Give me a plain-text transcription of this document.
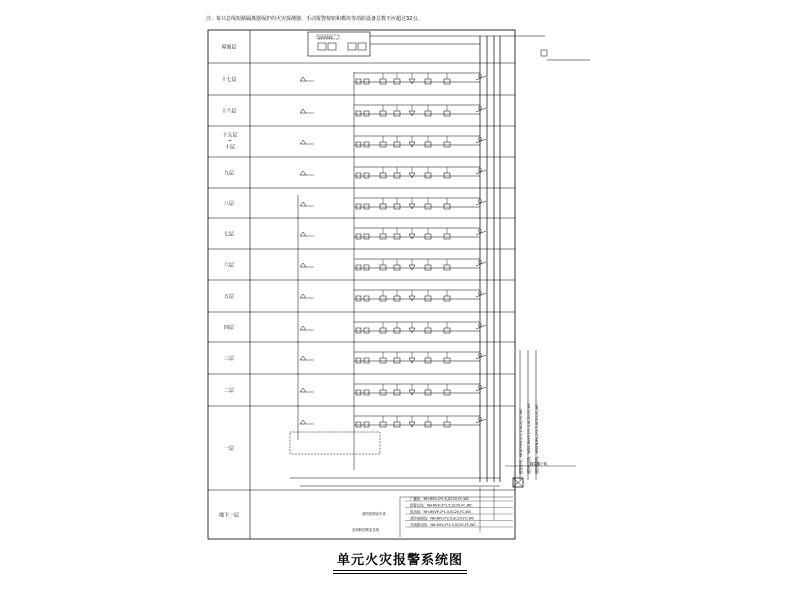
注：每只总线短路隔离器保护的火灾探测器、手动报警按钮和模块等消防设备总数不应超过32点。
屋面层
十七层
十六层
十五层
~
十层
九层
八层
七层
六层
五层
四层
三层
二层
一层
地下一层
消防控制室
报警总线、WDZ-RVS-2*1.5,SC20,FC,WC 消防电话线、WDZ-RVVP-2*1.0,SC20,FC,WC 消防电源线、WDZN-BYJ-2*2.5,SC20,FC,WC
楼层端子箱
广播线：NH-RVV-2*1.5,SC20,FC,WC
报警总线：NH-RVS-2*1.5,SC20,FC,WC
电话线：NH-RVVP-2*1.0,SC20,FC,WC
消防电源线：NH-BYJ-2*2.5,SC20,FC,WC
多线联动线：NH-KVV-2*1.5,SC25,FC,WC
消防控制室引来
至消防控制室总线
单元火灾报警系统图
